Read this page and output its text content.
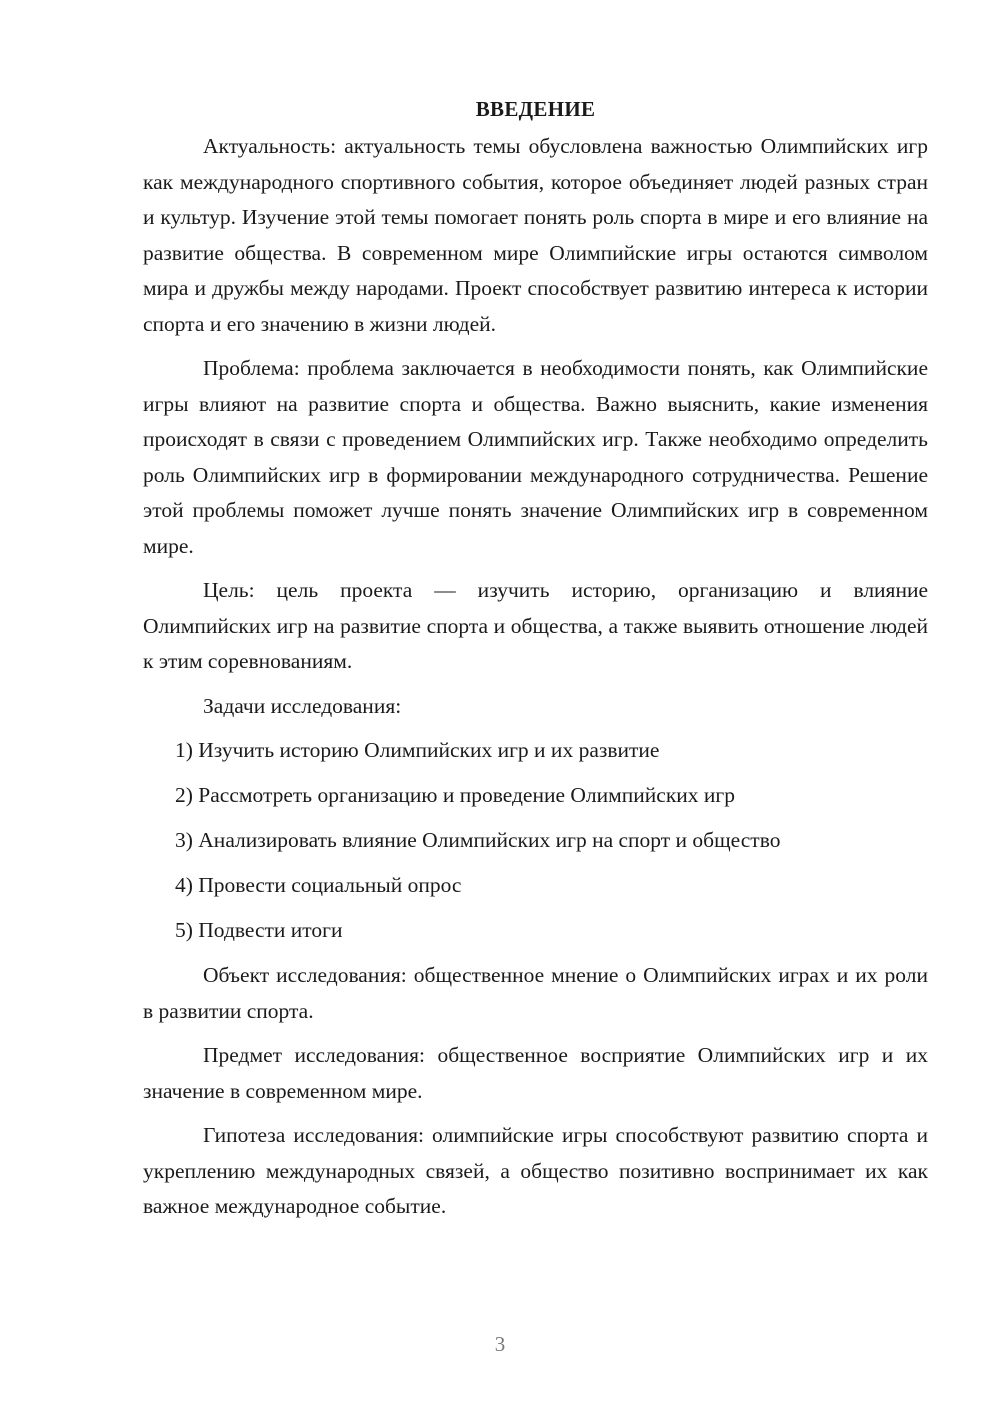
ВВЕДЕНИЕ

Актуальность: актуальность темы обусловлена важностью Олимпийских игр как международного спортивного события, которое объединяет людей разных стран и культур. Изучение этой темы помогает понять роль спорта в мире и его влияние на развитие общества. В современном мире Олимпийские игры остаются символом мира и дружбы между народами. Проект способствует развитию интереса к истории спорта и его значению в жизни людей.

Проблема: проблема заключается в необходимости понять, как Олимпийские игры влияют на развитие спорта и общества. Важно выяснить, какие изменения происходят в связи с проведением Олимпийских игр. Также необходимо определить роль Олимпийских игр в формировании международного сотрудничества. Решение этой проблемы поможет лучше понять значение Олимпийских игр в современном мире.

Цель: цель проекта — изучить историю, организацию и влияние Олимпийских игр на развитие спорта и общества, а также выявить отношение людей к этим соревнованиям.

Задачи исследования:

1) Изучить историю Олимпийских игр и их развитие
2) Рассмотреть организацию и проведение Олимпийских игр
3) Анализировать влияние Олимпийских игр на спорт и общество
4) Провести социальный опрос
5) Подвести итоги

Объект исследования: общественное мнение о Олимпийских играх и их роли в развитии спорта.

Предмет исследования: общественное восприятие Олимпийских игр и их значение в современном мире.

Гипотеза исследования: олимпийские игры способствуют развитию спорта и укреплению международных связей, а общество позитивно воспринимает их как важное международное событие.

3
